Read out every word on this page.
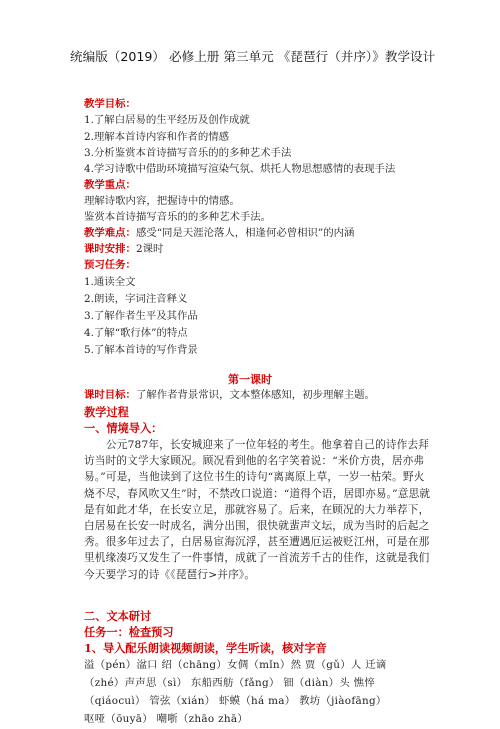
统编版（2019） 必修上册 第三单元 《琵琶行（并序）》教学设计
教学目标：
1.了解白居易的生平经历及创作成就
2.理解本首诗内容和作者的情感
3.分析鉴赏本首诗描写音乐的的多种艺术手法
4.学习诗歌中借助环境描写渲染气氛、烘托人物思想感情的表现手法
教学重点：
理解诗歌内容，把握诗中的情感。
鉴赏本首诗描写音乐的的多种艺术手法。
教学难点：感受“同是天涯沦落人，相逢何必曾相识”的内涵
课时安排：2课时
预习任务：
1.通读全文
2.朗读，字词注音释义
3.了解作者生平及其作品
4.了解“歌行体”的特点
5.了解本首诗的写作背景
第一课时
课时目标：了解作者背景常识，文本整体感知，初步理解主题。
教学过程
一、情境导入：
公元787年，长安城迎来了一位年轻的考生。他拿着自己的诗作去拜访当时的文学大家顾况。顾况看到他的名字笑着说：“米价方贵，居亦弗易。”可是，当他读到了这位书生的诗句“离离原上草，一岁一枯荣。野火烧不尽，春风吹又生”时，不禁改口说道：“道得个语，居即亦易。”意思就是有如此才华，在长安立足，那就容易了。后来，在顾况的大力举荐下，白居易在长安一时成名，满分出围，很快就蜚声文坛，成为当时的后起之秀。很多年过去了，白居易宦海沉浮，甚至遭遇厄运被贬江州，可是在那里机缘凑巧又发生了一件事情，成就了一首流芳千古的佳作，这就是我们今天要学习的诗《《琵琶行>并序》。
二、文本研讨
任务一：检查预习
1、导入配乐朗读视频朗读，学生听读，核对字音
溢（pén）湓口 绍（chāng）女倜（mǐn）然 贾（gǔ）人 迁谪
（zhé）声声思（sì） 东船西舫（fǎng） 钿（diàn）头 憔悴
（qiáocuì） 管弦（xián） 虾蟆（há ma） 教坊（jiàofāng）
呕哑（ōuyā） 嘲哳（zhāo zhā）
